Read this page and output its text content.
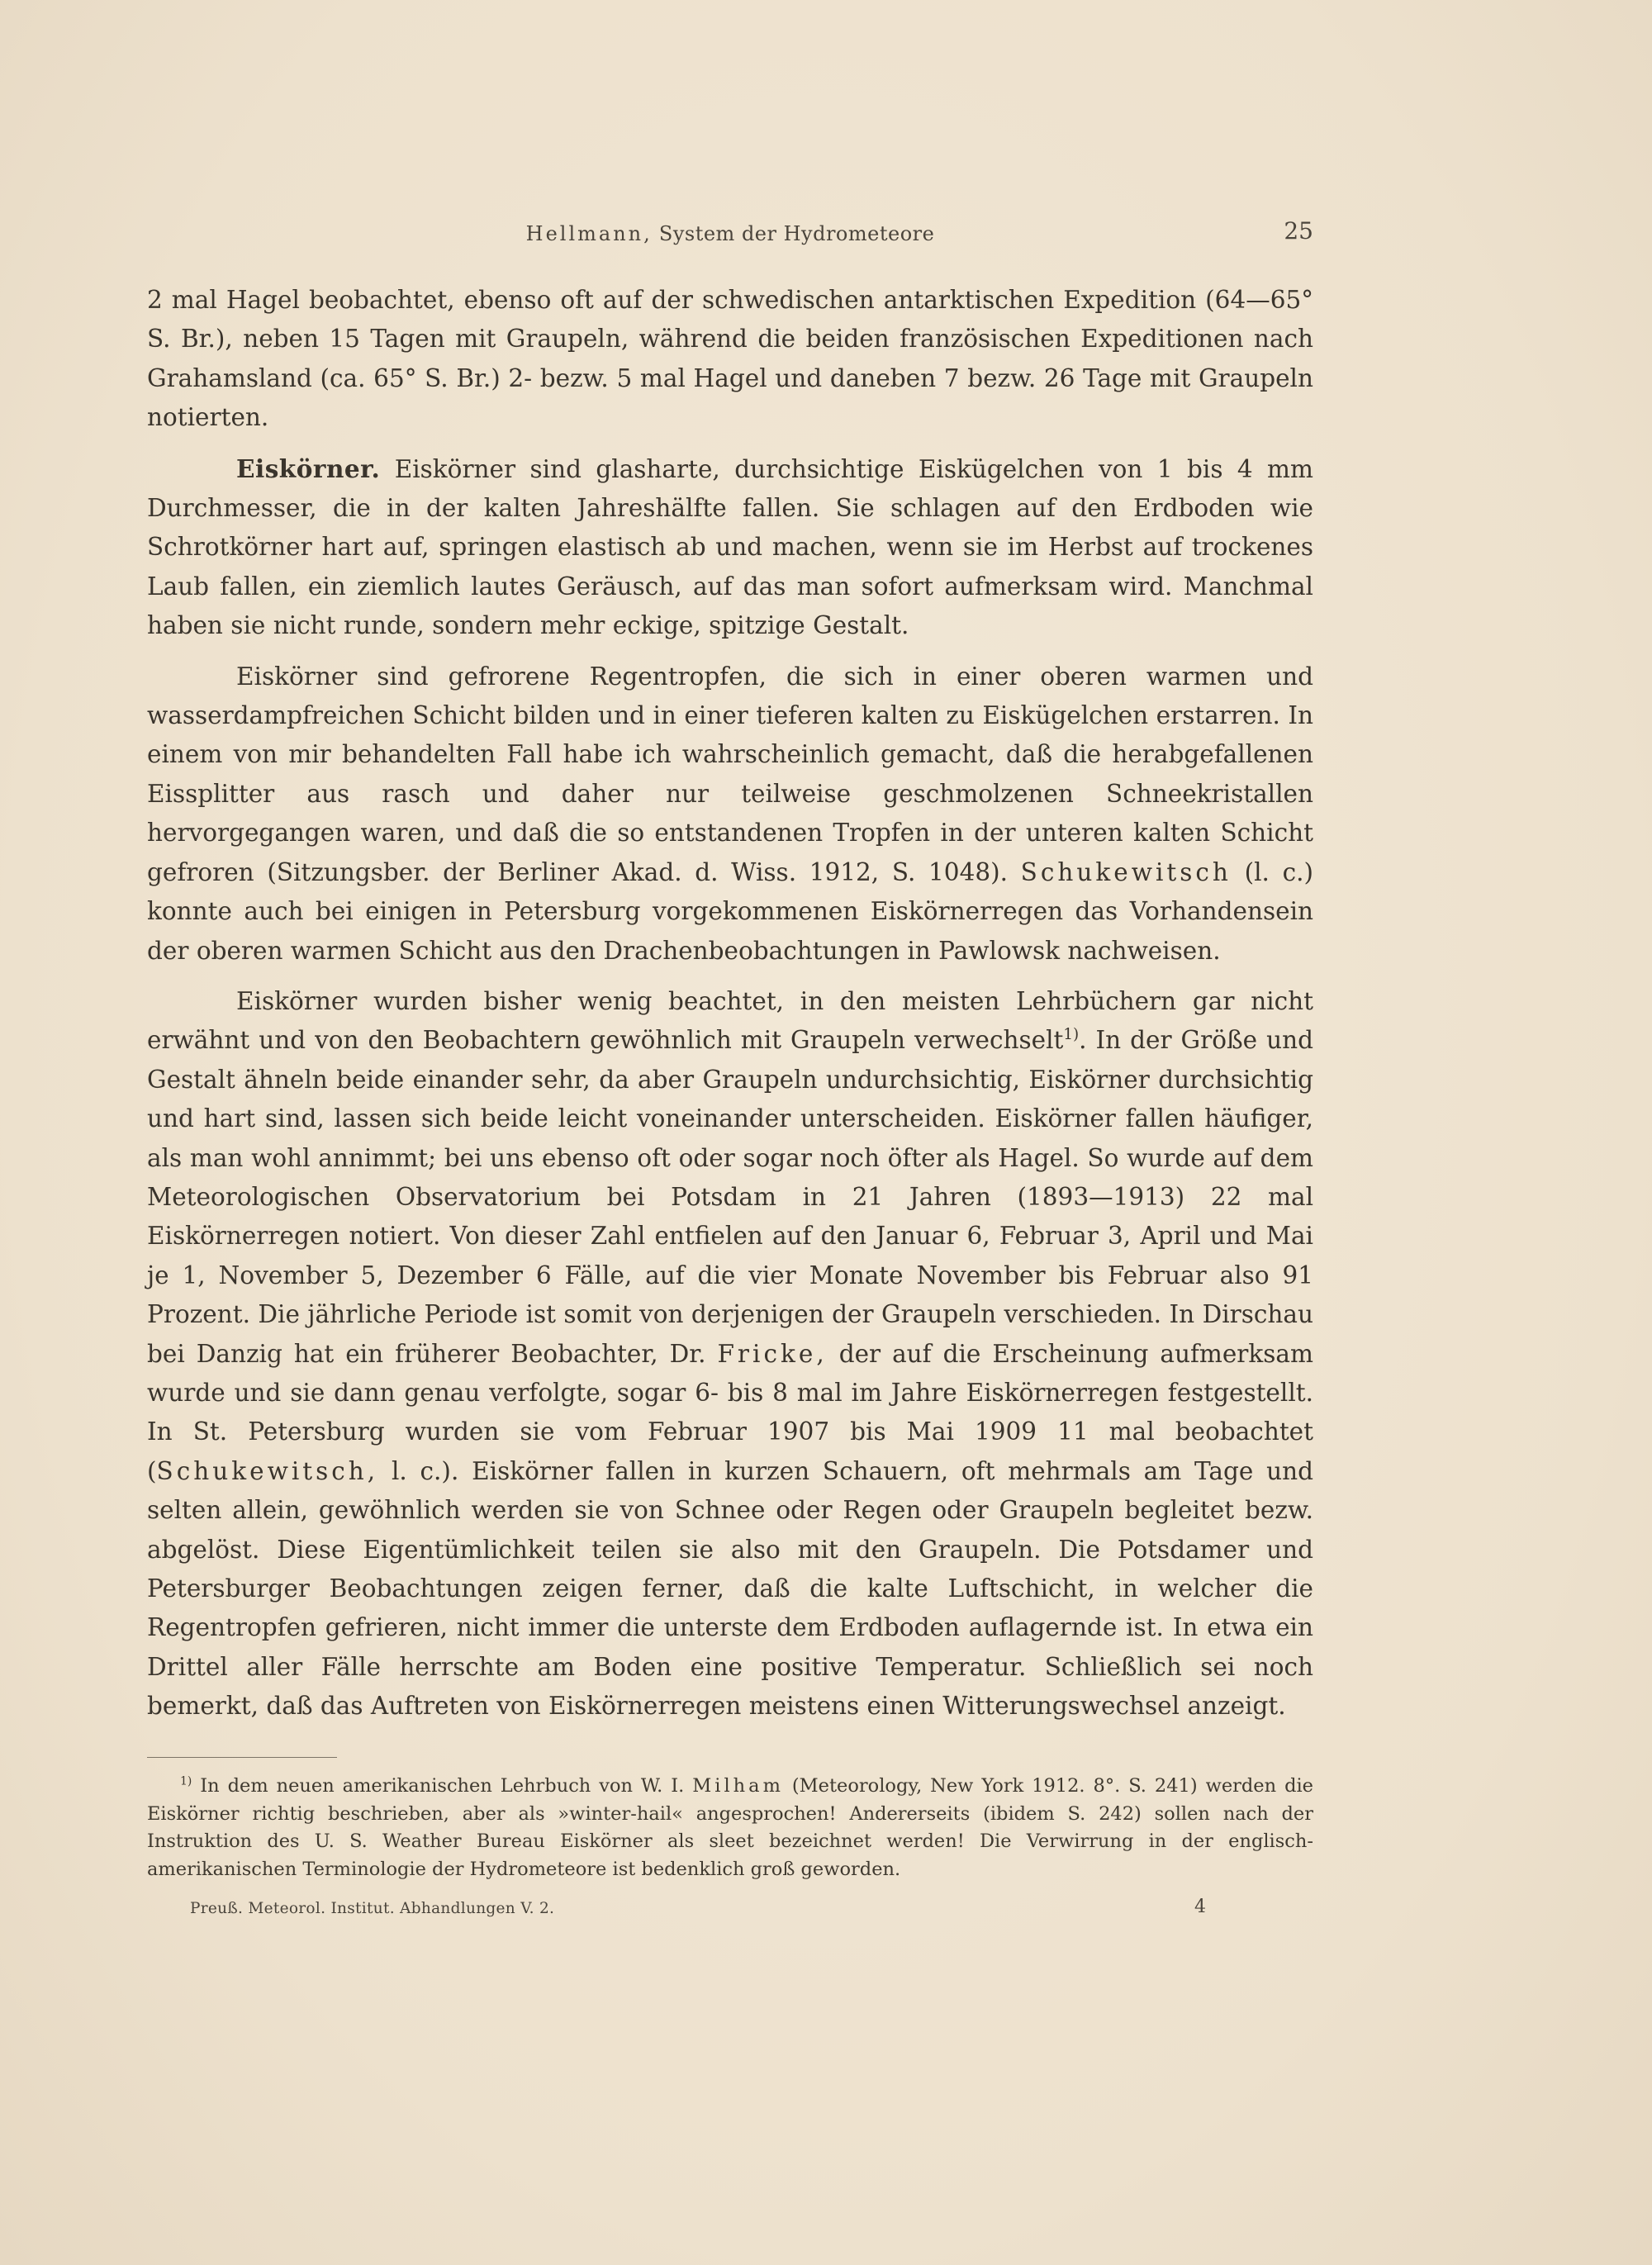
Hellmann, System der Hydrometeore	25

2 mal Hagel beobachtet, ebenso oft auf der schwedischen antarktischen Expedition (64—65° S. Br.), neben 15 Tagen mit Graupeln, während die beiden französischen Expeditionen nach Grahamsland (ca. 65° S. Br.) 2- bezw. 5 mal Hagel und daneben 7 bezw. 26 Tage mit Graupeln notierten.

Eiskörner. Eiskörner sind glasharte, durchsichtige Eiskügelchen von 1 bis 4 mm Durchmesser, die in der kalten Jahreshälfte fallen. Sie schlagen auf den Erdboden wie Schrotkörner hart auf, springen elastisch ab und machen, wenn sie im Herbst auf trockenes Laub fallen, ein ziemlich lautes Geräusch, auf das man sofort aufmerksam wird. Manchmal haben sie nicht runde, sondern mehr eckige, spitzige Gestalt.

Eiskörner sind gefrorene Regentropfen, die sich in einer oberen warmen und wasserdampfreichen Schicht bilden und in einer tieferen kalten zu Eiskügelchen erstarren. In einem von mir behandelten Fall habe ich wahrscheinlich gemacht, daß die herabgefallenen Eissplitter aus rasch und daher nur teilweise geschmolzenen Schneekristallen hervorgegangen waren, und daß die so entstandenen Tropfen in der unteren kalten Schicht gefroren (Sitzungsber. der Berliner Akad. d. Wiss. 1912, S. 1048). Schukewitsch (l. c.) konnte auch bei einigen in Petersburg vorgekommenen Eiskörnerregen das Vorhandensein der oberen warmen Schicht aus den Drachenbeobachtungen in Pawlowsk nachweisen.

Eiskörner wurden bisher wenig beachtet, in den meisten Lehrbüchern gar nicht erwähnt und von den Beobachtern gewöhnlich mit Graupeln verwechselt$^{1)}$. In der Größe und Gestalt ähneln beide einander sehr, da aber Graupeln undurchsichtig, Eiskörner durchsichtig und hart sind, lassen sich beide leicht voneinander unterscheiden. Eiskörner fallen häufiger, als man wohl annimmt; bei uns ebenso oft oder sogar noch öfter als Hagel. So wurde auf dem Meteorologischen Observatorium bei Potsdam in 21 Jahren (1893—1913) 22 mal Eiskörnerregen notiert. Von dieser Zahl entfielen auf den Januar 6, Februar 3, April und Mai je 1, November 5, Dezember 6 Fälle, auf die vier Monate November bis Februar also 91 Prozent. Die jährliche Periode ist somit von derjenigen der Graupeln verschieden. In Dirschau bei Danzig hat ein früherer Beobachter, Dr. Fricke, der auf die Erscheinung aufmerksam wurde und sie dann genau verfolgte, sogar 6- bis 8 mal im Jahre Eiskörnerregen festgestellt. In St. Petersburg wurden sie vom Februar 1907 bis Mai 1909 11 mal beobachtet (Schukewitsch, l. c.). Eiskörner fallen in kurzen Schauern, oft mehrmals am Tage und selten allein, gewöhnlich werden sie von Schnee oder Regen oder Graupeln begleitet bezw. abgelöst. Diese Eigentümlichkeit teilen sie also mit den Graupeln. Die Potsdamer und Petersburger Beobachtungen zeigen ferner, daß die kalte Luftschicht, in welcher die Regentropfen gefrieren, nicht immer die unterste dem Erdboden auflagernde ist. In etwa ein Drittel aller Fälle herrschte am Boden eine positive Temperatur. Schließlich sei noch bemerkt, daß das Auftreten von Eiskörnerregen meistens einen Witterungswechsel anzeigt.

$^{1)}$ In dem neuen amerikanischen Lehrbuch von W. I. Milham (Meteorology, New York 1912. 8°. S. 241) werden die Eiskörner richtig beschrieben, aber als »winter-hail« angesprochen! Andererseits (ibidem S. 242) sollen nach der Instruktion des U. S. Weather Bureau Eiskörner als sleet bezeichnet werden! Die Verwirrung in der englisch-amerikanischen Terminologie der Hydrometeore ist bedenklich groß geworden.
Preuß. Meteorol. Institut. Abhandlungen V. 2.	4
